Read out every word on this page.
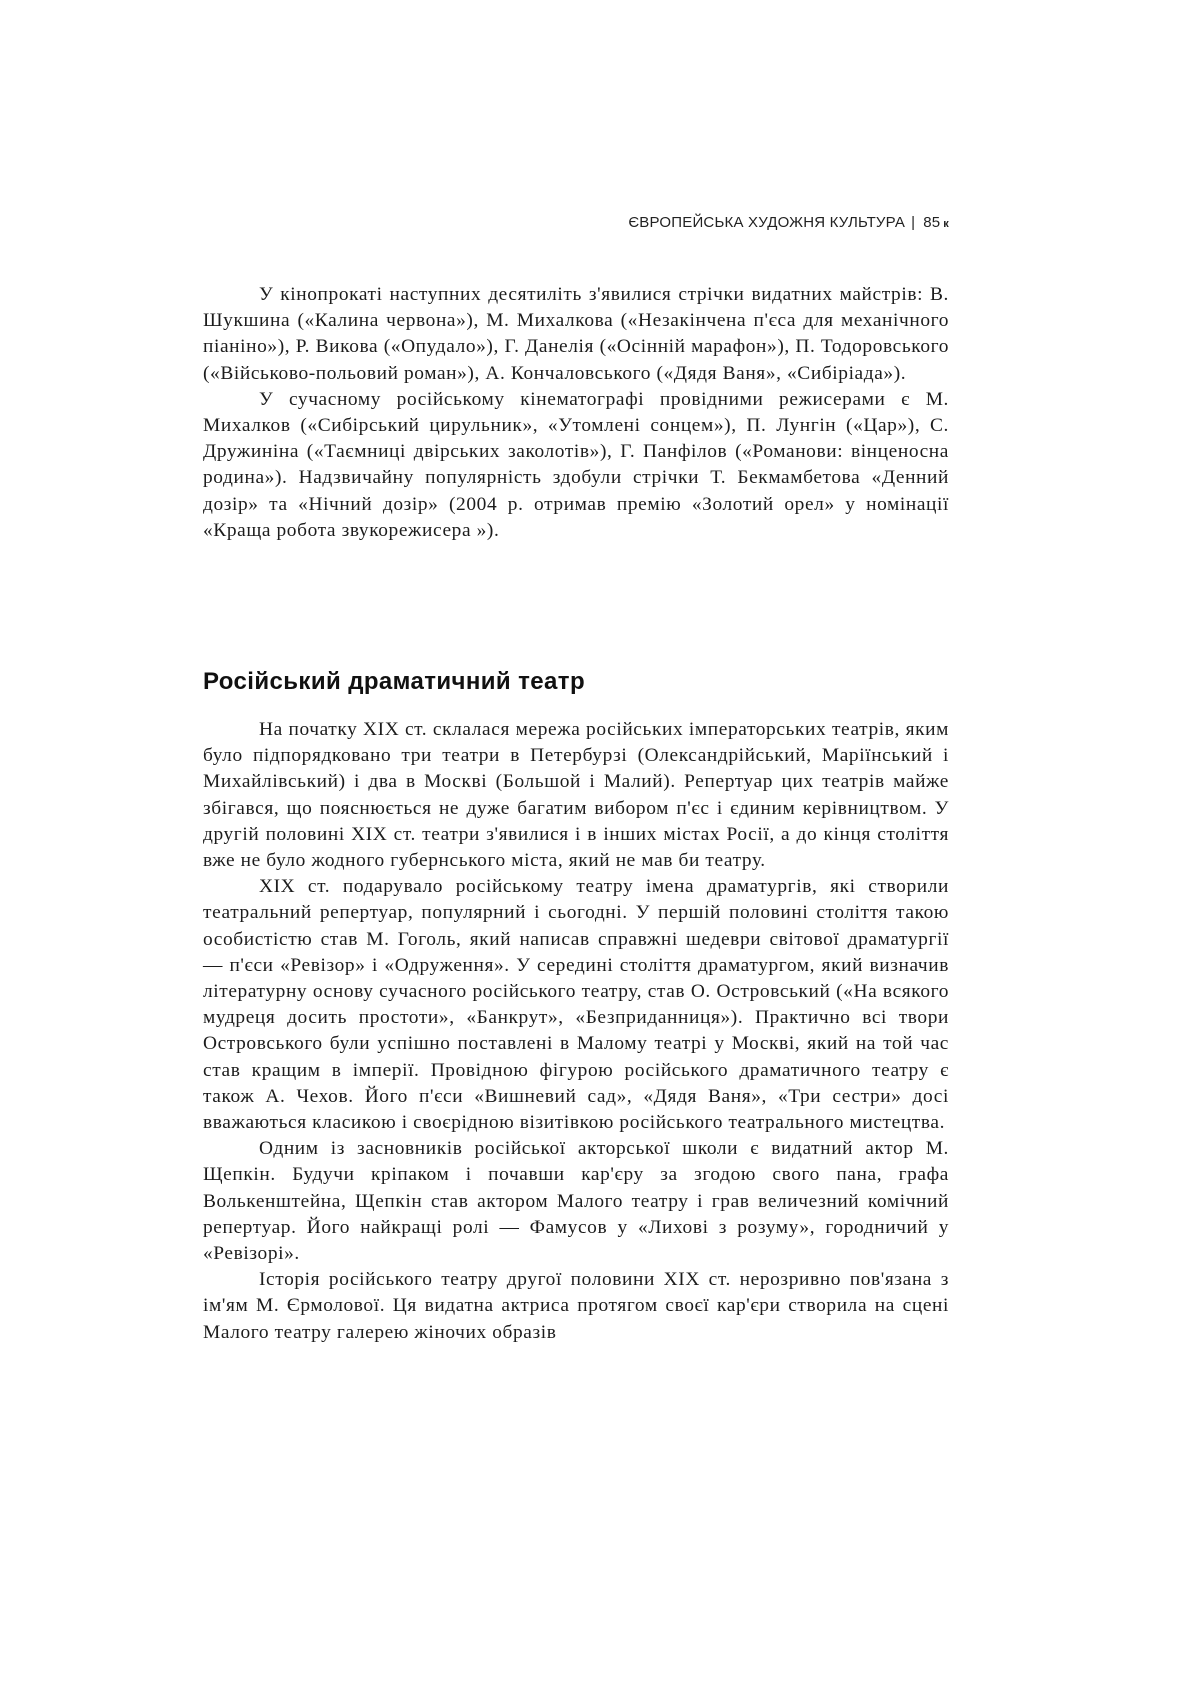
ЄВРОПЕЙСЬКА ХУДОЖНЯ КУЛЬТУРА | 85 к

У кінопрокаті наступних десятиліть з'явилися стрічки видатних майстрів: В. Шукшина («Калина червона»), М. Михалкова («Незакінчена п'єса для механічного піаніно»), Р. Викова («Опудало»), Г. Данелія («Осінній марафон»), П. Тодоровського («Військово-польовий роман»), А. Кончаловського («Дядя Ваня», «Сибіріада»).

У сучасному російському кінематографі провідними режисерами є М. Михалков («Сибірський цирульник», «Утомлені сонцем»), П. Лунгін («Цар»), С. Дружиніна («Таємниці двірських заколотів»), Г. Панфілов («Романови: вінценосна родина»). Надзвичайну популярність здобули стрічки Т. Бекмамбетова «Денний дозір» та «Нічний дозір» (2004 р. отримав премію «Золотий орел» у номінації «Краща робота звукорежисера »).

Російський драматичний театр

На початку XIX ст. склалася мережа російських імператорських театрів, яким було підпорядковано три театри в Петербурзі (Олександрійський, Маріїнський і Михайлівський) і два в Москві (Большой і Малий). Репертуар цих театрів майже збігався, що пояснюється не дуже багатим вибором п'єс і єдиним керівництвом. У другій половині XIX ст. театри з'явилися і в інших містах Росії, а до кінця століття вже не було жодного губернського міста, який не мав би театру.

XIX ст. подарувало російському театру імена драматургів, які створили театральний репертуар, популярний і сьогодні. У першій половині століття такою особистістю став М. Гоголь, який написав справжні шедеври світової драматургії — п'єси «Ревізор» і «Одруження». У середині століття драматургом, який визначив літературну основу сучасного російського театру, став О. Островський («На всякого мудреця досить простоти», «Банкрут», «Безприданниця»). Практично всі твори Островського були успішно поставлені в Малому театрі у Москві, який на той час став кращим в імперії. Провідною фігурою російського драматичного театру є також А. Чехов. Його п'єси «Вишневий сад», «Дядя Ваня», «Три сестри» досі вважаються класикою і своєрідною візитівкою російського театрального мистецтва.

Одним із засновників російської акторської школи є видатний актор М. Щепкін. Будучи кріпаком і почавши кар'єру за згодою свого пана, графа Волькенштейна, Щепкін став актором Малого театру і грав величезний комічний репертуар. Його найкращі ролі — Фамусов у «Лихові з розуму», городничий у «Ревізорі».

Історія російського театру другої половини XIX ст. нерозривно пов'язана з ім'ям М. Єрмолової. Ця видатна актриса протягом своєї кар'єри створила на сцені Малого театру галерею жіночих образів
